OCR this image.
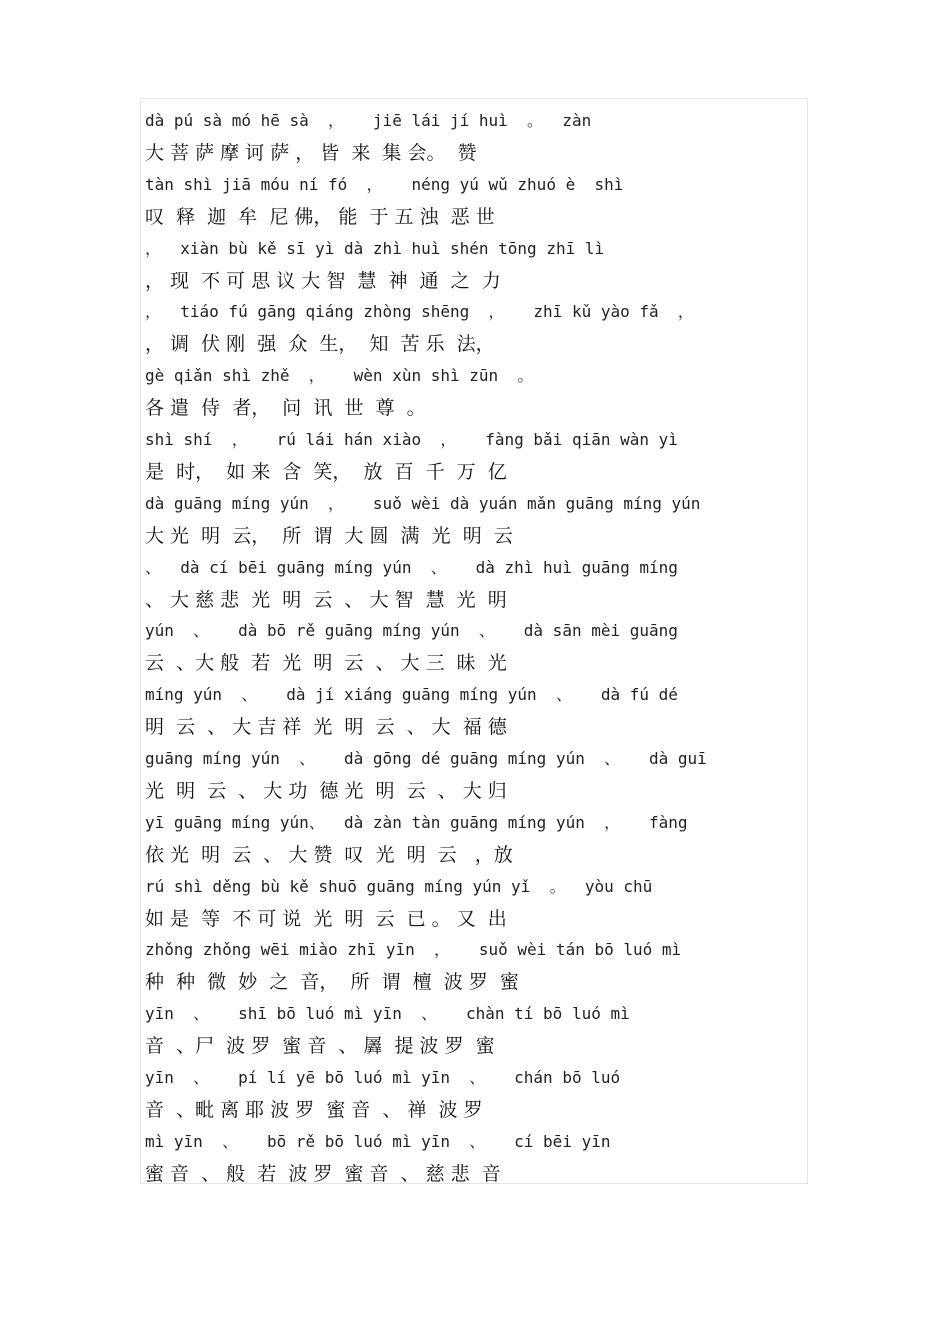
dà pú sà mó hē sà  ，   jiē lái jí huì  。  zàn
大 菩 萨 摩 诃 萨 ， 皆  来  集 会。  赞
tàn shì jiā móu ní fó  ，   néng yú wǔ zhuó è  shì
叹  释  迦  牟  尼 佛， 能  于 五 浊  恶 世
，  xiàn bù kě sī yì dà zhì huì shén tōng zhī lì
， 现  不 可 思 议 大 智  慧  神  通  之  力
，  tiáo fú gāng qiáng zhòng shēng  ，   zhī kǔ yào fǎ  ，
， 调  伏 刚  强  众  生，  知  苦 乐  法，
gè qiǎn shì zhě  ，   wèn xùn shì zūn  。
各 遣  侍  者，  问  讯  世  尊  。
shì shí  ，   rú lái hán xiào  ，   fàng bǎi qiān wàn yì
是  时，  如 来  含  笑，  放  百  千  万  亿
dà guāng míng yún  ，   suǒ wèi dà yuán mǎn guāng míng yún
大 光  明  云，  所  谓  大 圆  满  光  明  云
、  dà cí bēi guāng míng yún  、   dà zhì huì guāng míng
、 大 慈 悲  光  明  云  、 大 智  慧  光  明
yún  、   dà bō rě guāng míng yún  、   dà sān mèi guāng
云  、大 般  若  光  明  云  、 大 三  昧  光
míng yún  、   dà jí xiáng guāng míng yún  、   dà fú dé
明  云  、 大 吉 祥  光  明  云  、 大  福 德
guāng míng yún  、   dà gōng dé guāng míng yún  、   dà guī
光  明  云  、 大 功  德 光  明  云  、 大 归
yī guāng míng yún、  dà zàn tàn guāng míng yún  ，   fàng
依 光  明  云  、 大 赞  叹  光  明  云   ，放
rú shì děng bù kě shuō guāng míng yún yǐ  。  yòu chū
如 是  等  不 可 说  光  明  云  已 。 又  出
zhǒng zhǒng wēi miào zhī yīn  ，   suǒ wèi tán bō luó mì
种  种  微  妙  之  音，  所  谓  檀  波 罗  蜜
yīn  、   shī bō luó mì yīn  、   chàn tí bō luó mì
音  、尸  波 罗  蜜 音  、 羼  提 波 罗  蜜
yīn  、   pí lí yē bō luó mì yīn  、   chán bō luó
音  、毗 离 耶 波 罗  蜜 音  、 禅  波 罗
mì yīn  、   bō rě bō luó mì yīn  、   cí bēi yīn
蜜 音  、 般  若  波 罗  蜜 音  、 慈 悲  音
